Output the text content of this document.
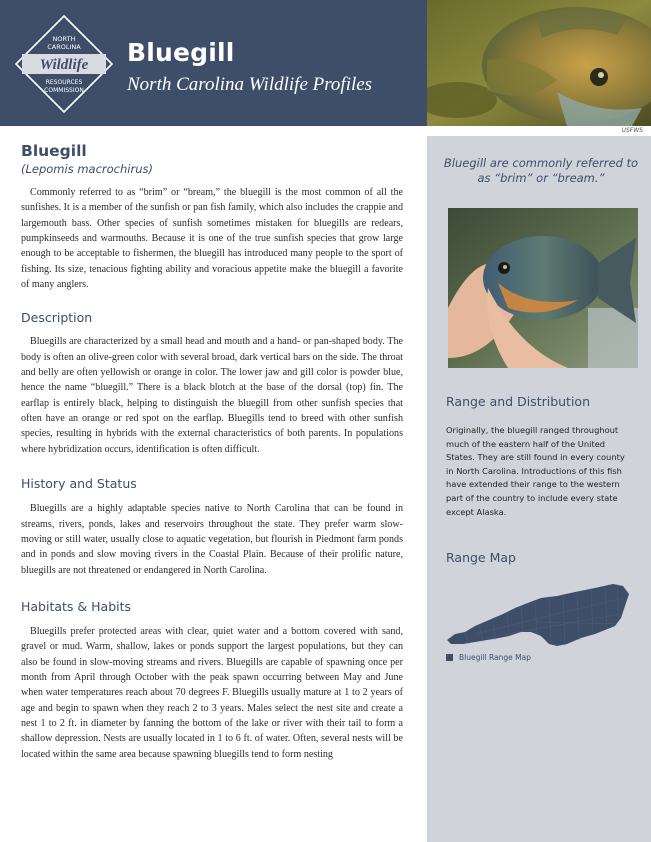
NORTH
CAROLINA
Wildlife
RESOURCES
COMMISSION
Bluegill
North Carolina Wildlife Profiles
USFWS
Bluegill are commonly referred to as “brim” or “bream.”
Range and Distribution
Originally, the bluegill ranged throughout much of the eastern half of the United States. They are still found in every county in North Carolina. Introductions of this fish have extended their range to the western part of the country to include every state except Alaska.
Range Map
Bluegill Range Map
Bluegill
(Lepomis macrochirus)

Commonly referred to as “brim” or “bream,” the bluegill is the most common of all the sunfishes. It is a member of the sunfish or pan fish family, which also includes the crappie and largemouth bass. Other species of sunfish sometimes mistaken for bluegills are redears, pumpkinseeds and warmouths. Because it is one of the true sunfish species that grow large enough to be acceptable to fishermen, the bluegill has introduced many people to the sport of fishing. Its size, tenacious fighting ability and voracious appetite make the bluegill a favorite of many anglers.

Description

Bluegills are characterized by a small head and mouth and a hand- or pan-shaped body. The body is often an olive-green color with several broad, dark vertical bars on the side. The throat and belly are often yellowish or orange in color. The lower jaw and gill color is powder blue, hence the name “bluegill.” There is a black blotch at the base of the dorsal (top) fin. The earflap is entirely black, helping to distinguish the bluegill from other sunfish species that often have an orange or red spot on the earflap. Bluegills tend to breed with other sunfish species, resulting in hybrids with the external characteristics of both parents. In populations where hybridization occurs, identification is often difficult.

History and Status

Bluegills are a highly adaptable species native to North Carolina that can be found in streams, rivers, ponds, lakes and reservoirs throughout the state. They prefer warm slow-moving or still water, usually close to aquatic vegetation, but flourish in Piedmont farm ponds and in ponds and slow moving rivers in the Coastal Plain. Because of their prolific nature, bluegills are not threatened or endangered in North Carolina.

Habitats & Habits

Bluegills prefer protected areas with clear, quiet water and a bottom covered with sand, gravel or mud. Warm, shallow, lakes or ponds support the largest populations, but they can also be found in slow-moving streams and rivers. Bluegills are capable of spawning once per month from April through October with the peak spawn occurring between May and June when water temperatures reach about 70 degrees F. Bluegills usually mature at 1 to 2 years of age and begin to spawn when they reach 2 to 3 years. Males select the nest site and create a nest 1 to 2 ft. in diameter by fanning the bottom of the lake or river with their tail to form a shallow depression. Nests are usually located in 1 to 6 ft. of water. Often, several nests will be located within the same area because spawning bluegills tend to form nesting
